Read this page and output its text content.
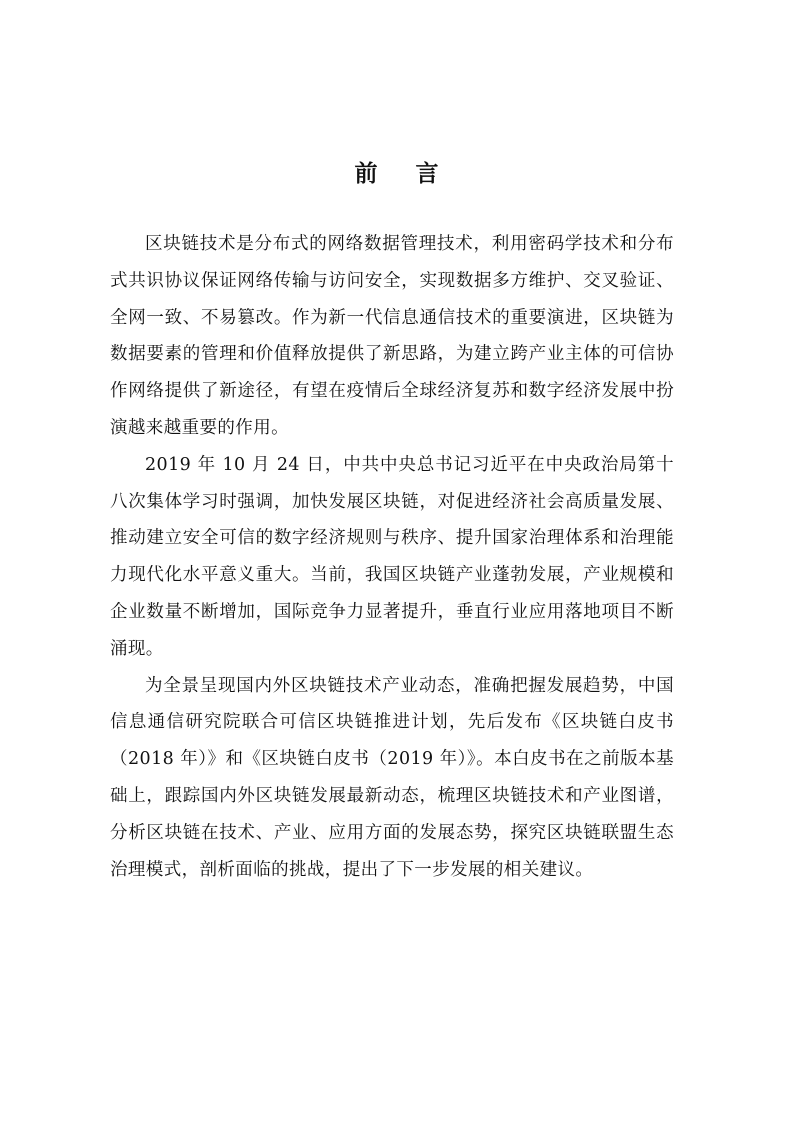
前言

区块链技术是分布式的网络数据管理技术，利用密码学技术和分布式共识协议保证网络传输与访问安全，实现数据多方维护、交叉验证、全网一致、不易篡改。作为新一代信息通信技术的重要演进，区块链为数据要素的管理和价值释放提供了新思路，为建立跨产业主体的可信协作网络提供了新途径，有望在疫情后全球经济复苏和数字经济发展中扮演越来越重要的作用。

2019 年 10 月 24 日，中共中央总书记习近平在中央政治局第十八次集体学习时强调，加快发展区块链，对促进经济社会高质量发展、推动建立安全可信的数字经济规则与秩序、提升国家治理体系和治理能力现代化水平意义重大。当前，我国区块链产业蓬勃发展，产业规模和企业数量不断增加，国际竞争力显著提升，垂直行业应用落地项目不断涌现。

为全景呈现国内外区块链技术产业动态，准确把握发展趋势，中国信息通信研究院联合可信区块链推进计划，先后发布《区块链白皮书（2018 年）》和《区块链白皮书（2019 年）》。本白皮书在之前版本基础上，跟踪国内外区块链发展最新动态，梳理区块链技术和产业图谱，分析区块链在技术、产业、应用方面的发展态势，探究区块链联盟生态治理模式，剖析面临的挑战，提出了下一步发展的相关建议。
